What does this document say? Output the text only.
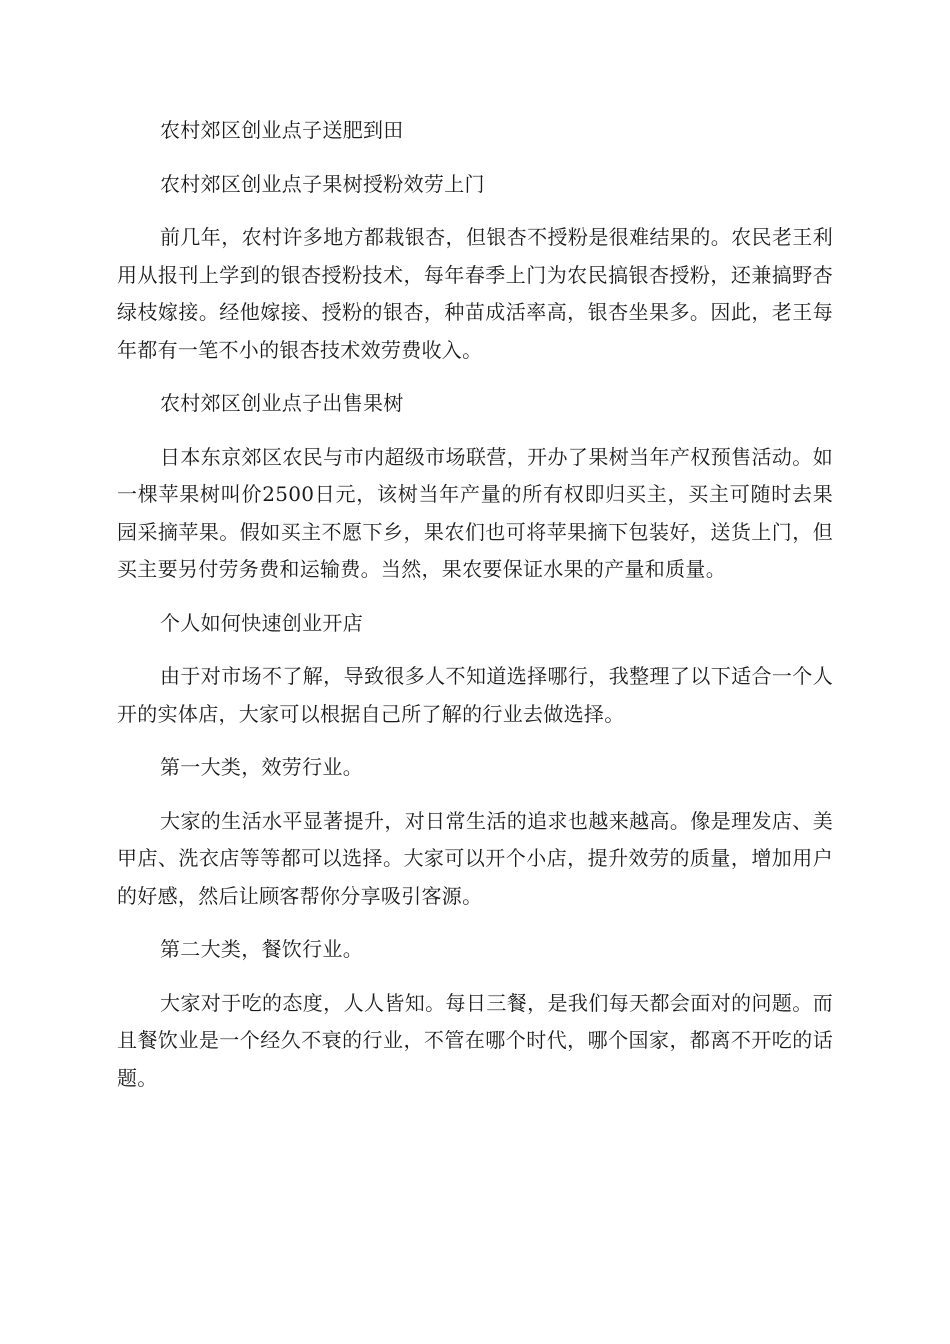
农村郊区创业点子送肥到田

农村郊区创业点子果树授粉效劳上门

前几年，农村许多地方都栽银杏，但银杏不授粉是很难结果的。农民老王利用从报刊上学到的银杏授粉技术，每年春季上门为农民搞银杏授粉，还兼搞野杏绿枝嫁接。经他嫁接、授粉的银杏，种苗成活率高，银杏坐果多。因此，老王每年都有一笔不小的银杏技术效劳费收入。

农村郊区创业点子出售果树

日本东京郊区农民与市内超级市场联营，开办了果树当年产权预售活动。如一棵苹果树叫价2500日元，该树当年产量的所有权即归买主，买主可随时去果园采摘苹果。假如买主不愿下乡，果农们也可将苹果摘下包装好，送货上门，但买主要另付劳务费和运输费。当然，果农要保证水果的产量和质量。

个人如何快速创业开店

由于对市场不了解，导致很多人不知道选择哪行，我整理了以下适合一个人开的实体店，大家可以根据自己所了解的行业去做选择。

第一大类，效劳行业。

大家的生活水平显著提升，对日常生活的追求也越来越高。像是理发店、美甲店、洗衣店等等都可以选择。大家可以开个小店，提升效劳的质量，增加用户的好感，然后让顾客帮你分享吸引客源。

第二大类，餐饮行业。

大家对于吃的态度，人人皆知。每日三餐，是我们每天都会面对的问题。而且餐饮业是一个经久不衰的行业，不管在哪个时代，哪个国家，都离不开吃的话题。
